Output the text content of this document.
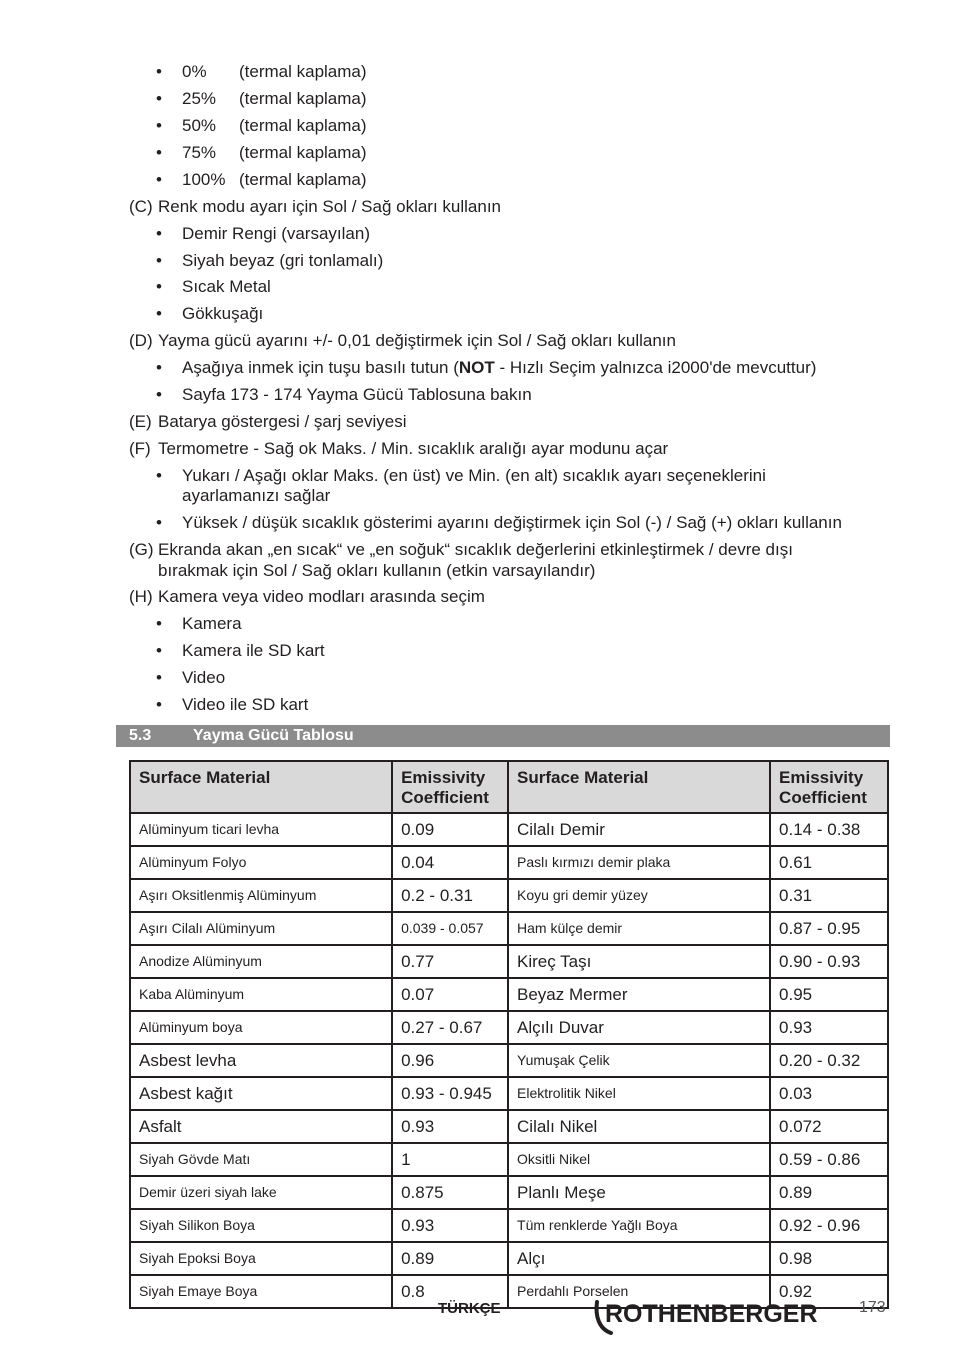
•	0% (termal kaplama)
•	25% (termal kaplama)
•	50% (termal kaplama)
•	75% (termal kaplama)
•	100% (termal kaplama)
(C) Renk modu ayarı için Sol / Sağ okları kullanın
•	Demir Rengi (varsayılan)
•	Siyah beyaz (gri tonlamalı)
•	Sıcak Metal
•	Gökkuşağı
(D) Yayma gücü ayarını +/- 0,01 değiştirmek için Sol / Sağ okları kullanın
•	Aşağıya inmek için tuşu basılı tutun (NOT - Hızlı Seçim yalnızca i2000'de mevcuttur)
•	Sayfa 173 - 174 Yayma Gücü Tablosuna bakın
(E) Batarya göstergesi / şarj seviyesi
(F) Termometre - Sağ ok Maks. / Min. sıcaklık aralığı ayar modunu açar
•	Yukarı / Aşağı oklar Maks. (en üst) ve Min. (en alt) sıcaklık ayarı seçeneklerini
ayarlamanızı sağlar
•	Yüksek / düşük sıcaklık gösterimi ayarını değiştirmek için Sol (-) / Sağ (+) okları kullanın
(G) Ekranda akan „en sıcak“ ve „en soğuk“ sıcaklık değerlerini etkinleştirmek / devre dışı
bırakmak için Sol / Sağ okları kullanın (etkin varsayılandır)
(H) Kamera veya video modları arasında seçim
•	Kamera
•	Kamera ile SD kart
•	Video
•	Video ile SD kart
5.3	Yayma Gücü Tablosu
Surface Material	Emissivity Coefficient	Surface Material	Emissivity Coefficient
Alüminyum ticari levha	0.09	Cilalı Demir	0.14 - 0.38
Alüminyum Folyo	0.04	Paslı kırmızı demir plaka	0.61
Aşırı Oksitlenmiş Alüminyum	0.2 - 0.31	Koyu gri demir yüzey	0.31
Aşırı Cilalı Alüminyum	0.039 - 0.057	Ham külçe demir	0.87 - 0.95
Anodize Alüminyum	0.77	Kireç Taşı	0.90 - 0.93
Kaba Alüminyum	0.07	Beyaz Mermer	0.95
Alüminyum boya	0.27 - 0.67	Alçılı Duvar	0.93
Asbest levha	0.96	Yumuşak Çelik	0.20 - 0.32
Asbest kağıt	0.93 - 0.945	Elektrolitik Nikel	0.03
Asfalt	0.93	Cilalı Nikel	0.072
Siyah Gövde Matı	1	Oksitli Nikel	0.59 - 0.86
Demir üzeri siyah lake	0.875	Planlı Meşe	0.89
Siyah Silikon Boya	0.93	Tüm renklerde Yağlı Boya	0.92 - 0.96
Siyah Epoksi Boya	0.89	Alçı	0.98
Siyah Emaye Boya	0.8	Perdahlı Porselen	0.92
TÜRKÇE	ROTHENBERGER	173
